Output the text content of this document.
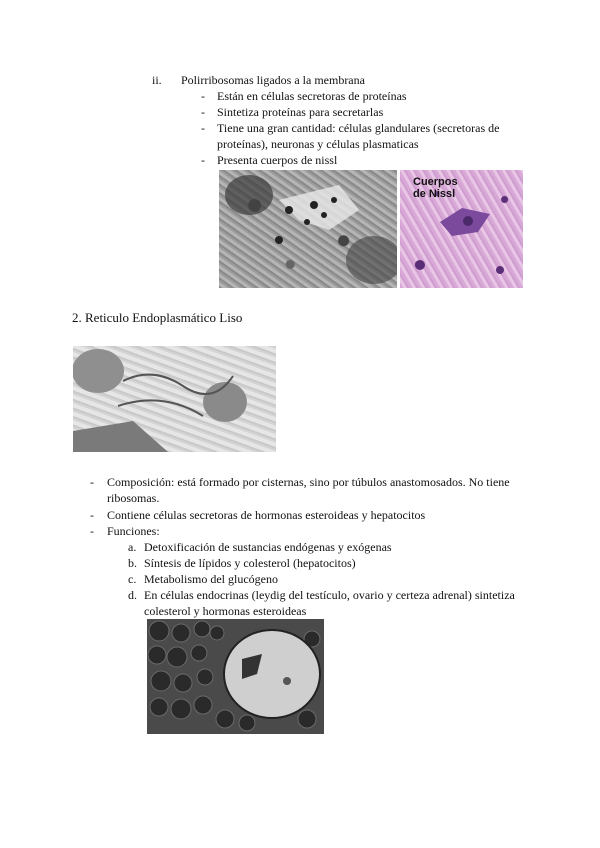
ii. Polirribosomas ligados a la membrana
- Están en células secretoras de proteínas
- Sintetiza proteínas para secretarlas
- Tiene una gran cantidad: células glandulares (secretoras de
proteínas), neuronas y células plasmaticas
- Presenta cuerpos de nissl
Cuerpos
de Nissl
2. Reticulo Endoplasmático Liso
- Composición: está formado por cisternas, sino por túbulos anastomosados. No tiene
ribosomas.
- Contiene células secretoras de hormonas esteroideas y hepatocitos
- Funciones:
a. Detoxificación de sustancias endógenas y exógenas
b. Síntesis de lípidos y colesterol (hepatocitos)
c. Metabolismo del glucógeno
d. En células endocrinas (leydig del testículo, ovario y certeza adrenal) sintetiza
colesterol y hormonas esteroideas
